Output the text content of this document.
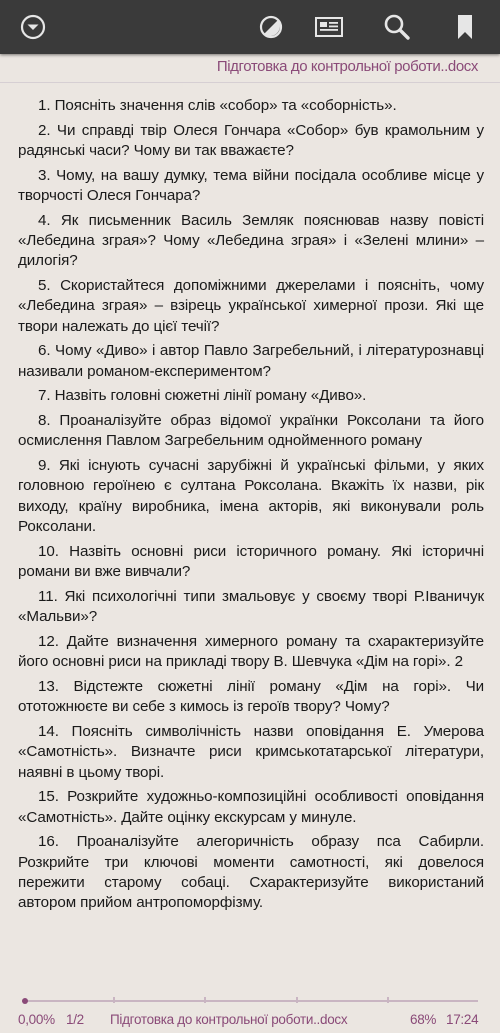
Підготовка до контрольної роботи..docx

1. Поясніть значення слів «собор» та «соборність».

2. Чи справді твір Олеся Гончара «Собор» був крамольним у радянські часи? Чому ви так вважаєте?

3. Чому, на вашу думку, тема війни посідала особливе місце у творчості Олеся Гончара?

4. Як письменник Василь Земляк пояснював назву повісті «Лебедина зграя»? Чому «Лебедина зграя» і «Зелені млини» – дилогія?

5. Скористайтеся допоміжними джерелами і поясніть, чому «Лебедина зграя» – взірець української химерної прози. Які ще твори належать до цієї течії?

6. Чому «Диво» і автор Павло Загребельний, і літературознавці називали романом-експериментом?

7. Назвіть головні сюжетні лінії роману «Диво».

8. Проаналізуйте образ відомої українки Роксолани та його осмислення Павлом Загребельним однойменного роману

9. Які існують сучасні зарубіжні й українські фільми, у яких головною героїнею є султана Роксолана. Вкажіть їх назви, рік виходу, країну виробника, імена акторів, які виконували роль Роксолани.

10. Назвіть основні риси історичного роману. Які історичні романи ви вже вивчали?

11. Які психологічні типи змальовує у своєму творі Р.Іваничук «Мальви»?

12. Дайте визначення химерного роману та схарактеризуйте його основні риси на прикладі твору В. Шевчука «Дім на горі». 2

13. Відстежте сюжетні лінії роману «Дім на горі». Чи ототожнюєте ви себе з кимось із героїв твору? Чому?

14. Поясніть символічність назви оповідання Е. Умерова «Самотність». Визначте риси кримськотатарської літератури, наявні в цьому творі.

15. Розкрийте художньо-композиційні особливості оповідання «Самотність». Дайте оцінку екскурсам у минуле.

16. Проаналізуйте алегоричність образу пса Сабирли. Розкрийте три ключові моменти самотності, які довелося пережити старому собаці. Схарактеризуйте використаний автором прийом антропоморфізму.

0,00% 1/2 Підготовка до контрольної роботи..docx	68% 17:24
